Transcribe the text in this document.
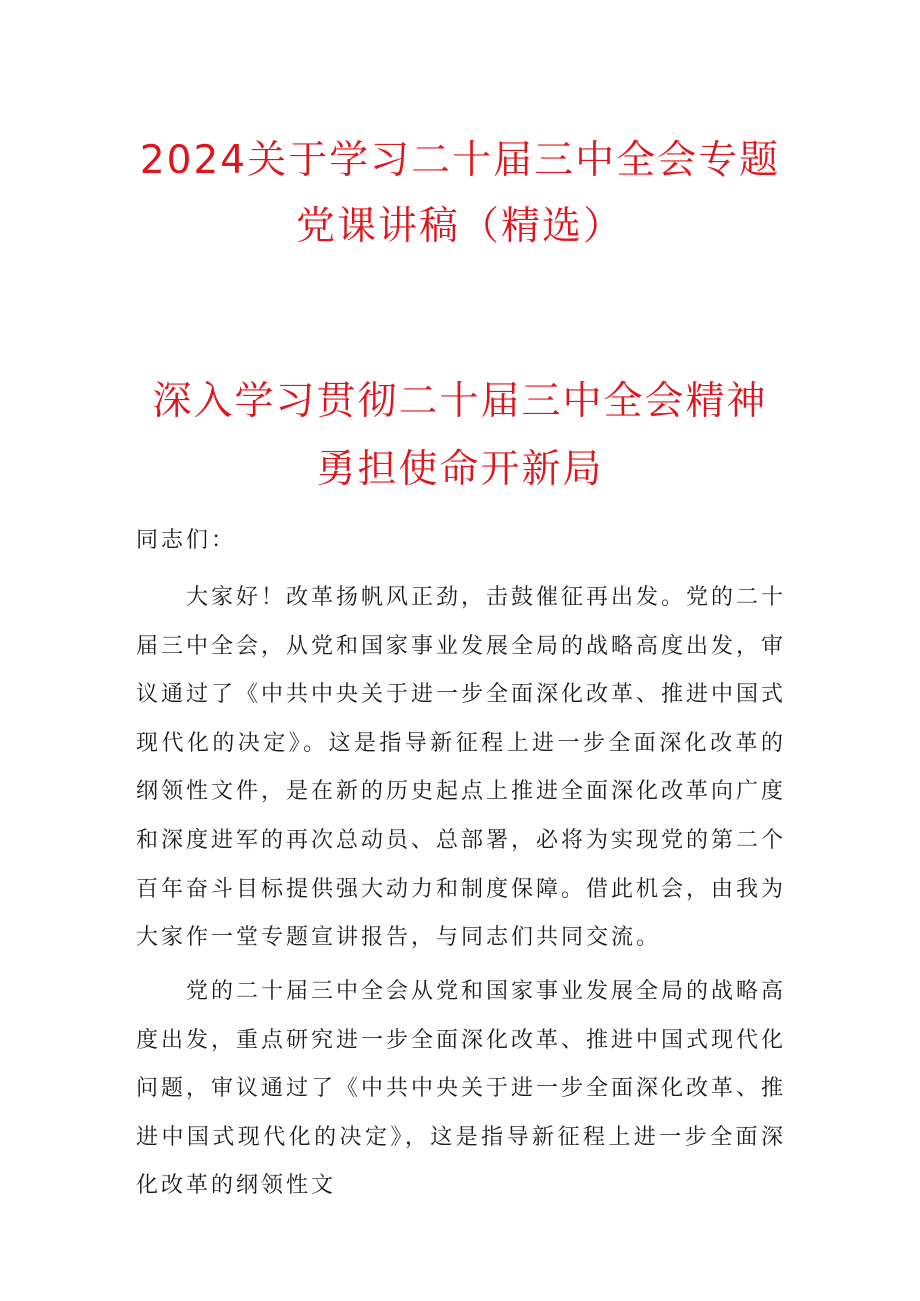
2024关于学习二十届三中全会专题
党课讲稿（精选）
深入学习贯彻二十届三中全会精神
勇担使命开新局
同志们：

大家好！改革扬帆风正劲，击鼓催征再出发。党的二十届三中全会，从党和国家事业发展全局的战略高度出发，审议通过了《中共中央关于进一步全面深化改革、推进中国式现代化的决定》。这是指导新征程上进一步全面深化改革的纲领性文件，是在新的历史起点上推进全面深化改革向广度和深度进军的再次总动员、总部署，必将为实现党的第二个百年奋斗目标提供强大动力和制度保障。借此机会，由我为大家作一堂专题宣讲报告，与同志们共同交流。

党的二十届三中全会从党和国家事业发展全局的战略高度出发，重点研究进一步全面深化改革、推进中国式现代化问题，审议通过了《中共中央关于进一步全面深化改革、推进中国式现代化的决定》，这是指导新征程上进一步全面深化改革的纲领性文
